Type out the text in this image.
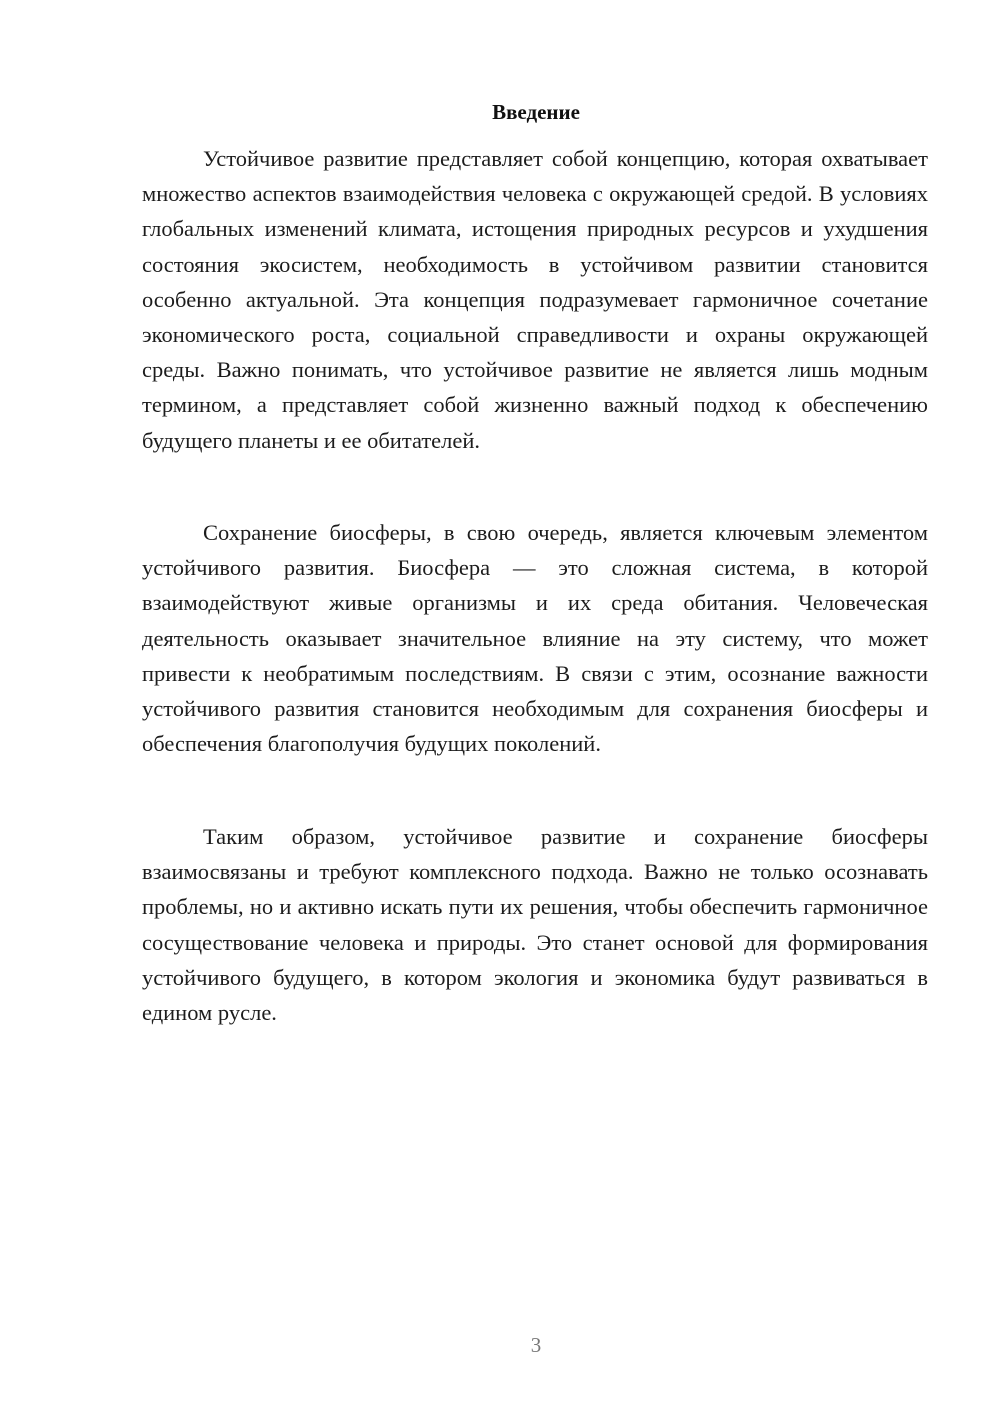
Введение

Устойчивое развитие представляет собой концепцию, которая охватывает множество аспектов взаимодействия человека с окружающей средой. В условиях глобальных изменений климата, истощения природных ресурсов и ухудшения состояния экосистем, необходимость в устойчивом развитии становится особенно актуальной. Эта концепция подразумевает гармоничное сочетание экономического роста, социальной справедливости и охраны окружающей среды. Важно понимать, что устойчивое развитие не является лишь модным термином, а представляет собой жизненно важный подход к обеспечению будущего планеты и ее обитателей.

Сохранение биосферы, в свою очередь, является ключевым элементом устойчивого развития. Биосфера — это сложная система, в которой взаимодействуют живые организмы и их среда обитания. Человеческая деятельность оказывает значительное влияние на эту систему, что может привести к необратимым последствиям. В связи с этим, осознание важности устойчивого развития становится необходимым для сохранения биосферы и обеспечения благополучия будущих поколений.

Таким образом, устойчивое развитие и сохранение биосферы взаимосвязаны и требуют комплексного подхода. Важно не только осознавать проблемы, но и активно искать пути их решения, чтобы обеспечить гармоничное сосуществование человека и природы. Это станет основой для формирования устойчивого будущего, в котором экология и экономика будут развиваться в едином русле.

3
